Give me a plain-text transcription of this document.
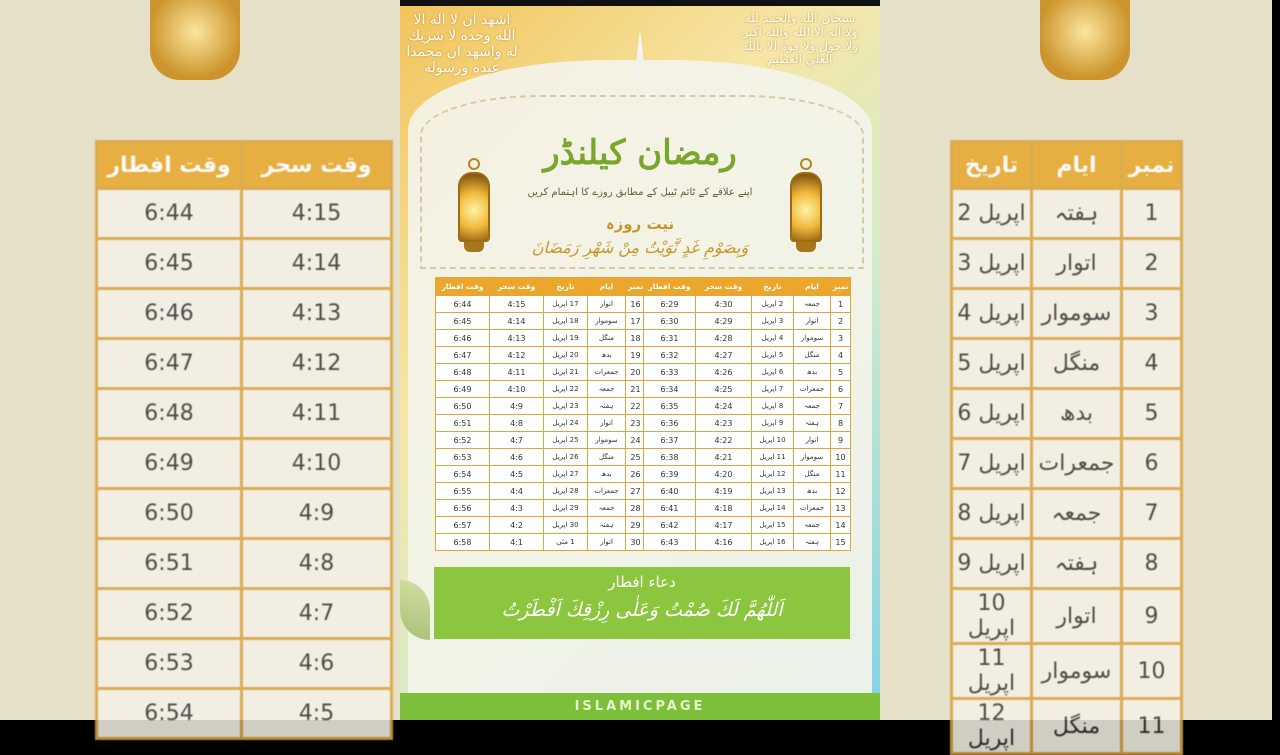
وقت افطار	وقت سحر
6:44	4:15
6:45	4:14
6:46	4:13
6:47	4:12
6:48	4:11
6:49	4:10
6:50	4:9
6:51	4:8
6:52	4:7
6:53	4:6
6:54	4:5
تاریخ	ایام	نمبر
2 اپریل	ہفتہ	1
3 اپریل	اتوار	2
4 اپریل	سوموار	3
5 اپریل	منگل	4
6 اپریل	بدھ	5
7 اپریل	جمعرات	6
8 اپریل	جمعہ	7
9 اپریل	ہفتہ	8
10 اپریل	اتوار	9
11 اپریل	سوموار	10
12 اپریل	منگل	11
اشهد ان لا اله الا الله وحده لا شريك له واشهد ان محمدا عبده ورسوله
سبحان الله والحمد لله ولا اله الا الله والله اكبر ولا حول ولا قوة الا بالله العلي العظيم
رمضان کیلنڈر
اپنے علاقے کے ٹائم ٹیبل کے مطابق روزے کا اہتمام کریں
نیت روزہ
وَبِصَوْمِ غَدٍ نَّوَيْتُ مِنْ شَهْرِ رَمَضَانَ
وقت افطار	وقت سحر	تاریخ	ایام	نمبر
6:44	4:15	17 اپریل	اتوار	16
6:45	4:14	18 اپریل	سوموار	17
6:46	4:13	19 اپریل	منگل	18
6:47	4:12	20 اپریل	بدھ	19
6:48	4:11	21 اپریل	جمعرات	20
6:49	4:10	22 اپریل	جمعہ	21
6:50	4:9	23 اپریل	ہفتہ	22
6:51	4:8	24 اپریل	اتوار	23
6:52	4:7	25 اپریل	سوموار	24
6:53	4:6	26 اپریل	منگل	25
6:54	4:5	27 اپریل	بدھ	26
6:55	4:4	28 اپریل	جمعرات	27
6:56	4:3	29 اپریل	جمعہ	28
6:57	4:2	30 اپریل	ہفتہ	29
6:58	4:1	1 مئی	اتوار	30
وقت افطار	وقت سحر	تاریخ	ایام	نمبر
6:29	4:30	2 اپریل	جمعہ	1
6:30	4:29	3 اپریل	اتوار	2
6:31	4:28	4 اپریل	سوموار	3
6:32	4:27	5 اپریل	منگل	4
6:33	4:26	6 اپریل	بدھ	5
6:34	4:25	7 اپریل	جمعرات	6
6:35	4:24	8 اپریل	جمعہ	7
6:36	4:23	9 اپریل	ہفتہ	8
6:37	4:22	10 اپریل	اتوار	9
6:38	4:21	11 اپریل	سوموار	10
6:39	4:20	12 اپریل	منگل	11
6:40	4:19	13 اپریل	بدھ	12
6:41	4:18	14 اپریل	جمعرات	13
6:42	4:17	15 اپریل	جمعہ	14
6:43	4:16	16 اپریل	ہفتہ	15
دعاء افطار
اَللّٰهُمَّ لَكَ صُمْتُ وَعَلٰى رِزْقِكَ اَفْطَرْتُ
ISLAMICPAGE
